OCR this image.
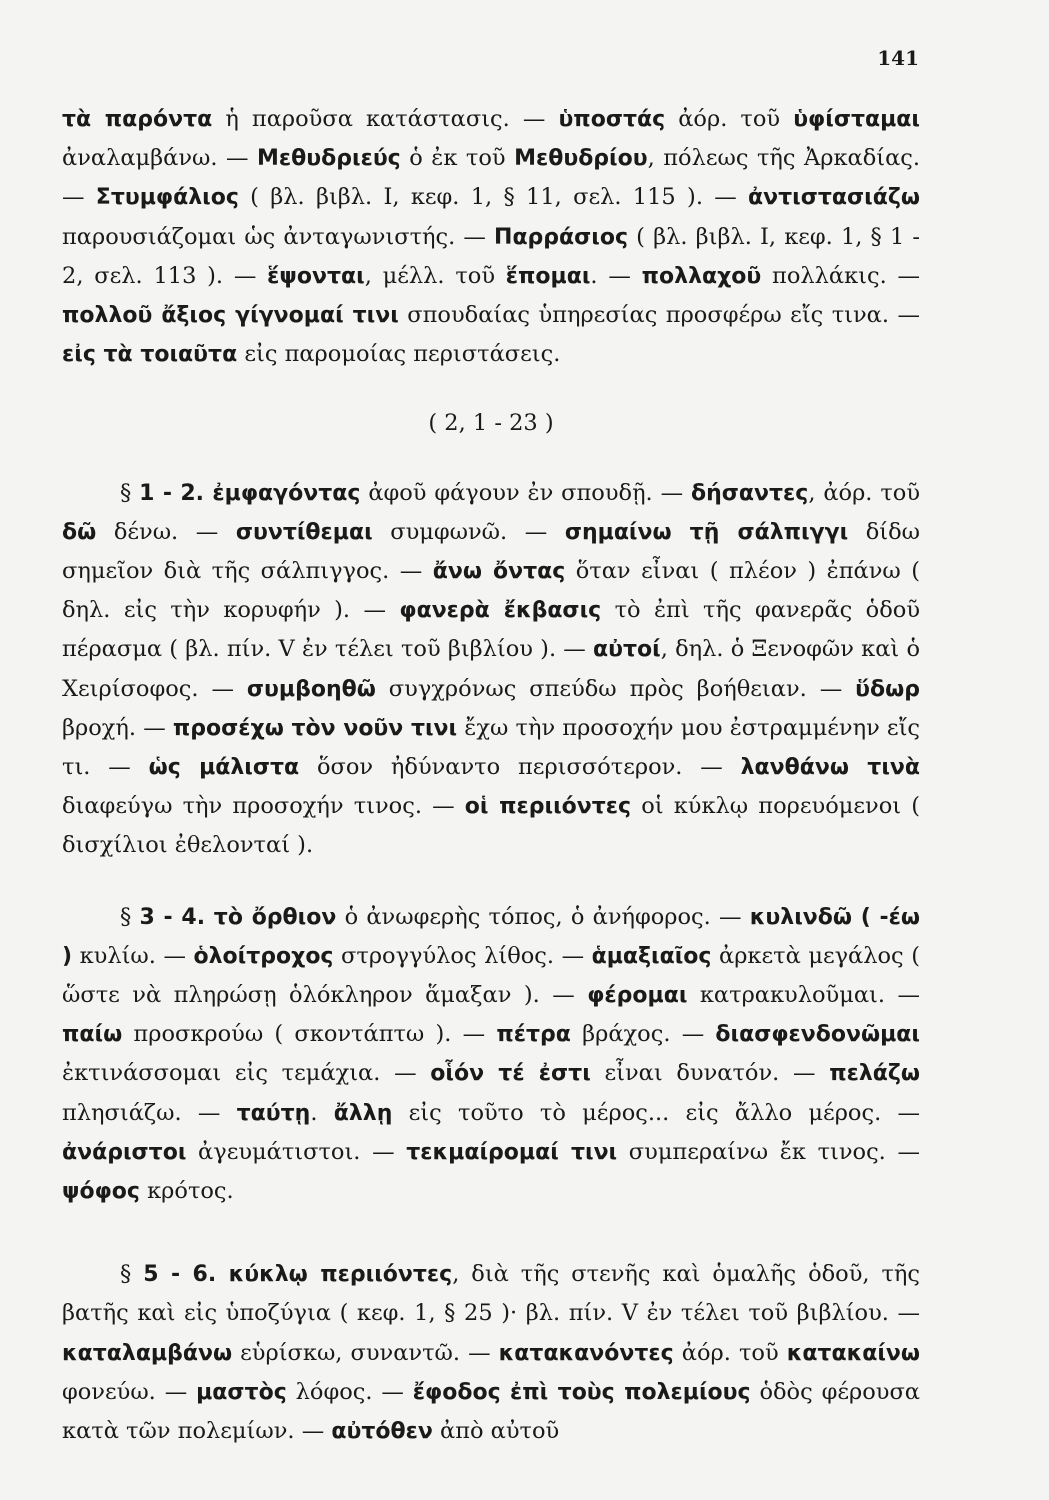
141

τὰ παρόντα ἡ παροῦσα κατάστασις. — ὑποστάς ἀόρ. τοῦ ὑφίσταμαι ἀναλαμβάνω. — Μεθυδριεύς ὁ ἐκ τοῦ Μεθυδρίου, πόλεως τῆς Ἀρκαδίας. — Στυμφάλιος ( βλ. βιβλ. I, κεφ. 1, § 11, σελ. 115 ). — ἀντιστασιάζω παρουσιάζομαι ὡς ἀνταγωνιστής. — Παρράσιος ( βλ. βιβλ. I, κεφ. 1, § 1 - 2, σελ. 113 ). — ἕψονται, μέλλ. τοῦ ἕπομαι. — πολλαχοῦ πολλάκις. — πολλοῦ ἄξιος γίγνομαί τινι σπουδαίας ὑπηρεσίας προσφέρω εἴς τινα. — εἰς τὰ τοιαῦτα εἰς παρομοίας περιστάσεις.

( 2, 1 - 23 )

§ 1 - 2. ἐμφαγόντας ἀφοῦ φάγουν ἐν σπουδῇ. — δήσαντες, ἀόρ. τοῦ δῶ δένω. — συντίθεμαι συμφωνῶ. — σημαίνω τῇ σάλπιγγι δίδω σημεῖον διὰ τῆς σάλπιγγος. — ἄνω ὄντας ὅταν εἶναι ( πλέον ) ἐπάνω ( δηλ. εἰς τὴν κορυφήν ). — φανερὰ ἔκβασις τὸ ἐπὶ τῆς φανερᾶς ὁδοῦ πέρασμα ( βλ. πίν. V ἐν τέλει τοῦ βιβλίου ). — αὐτοί, δηλ. ὁ Ξενοφῶν καὶ ὁ Χειρίσοφος. — συμβοηθῶ συγχρόνως σπεύδω πρὸς βοήθειαν. — ὕδωρ βροχή. — προσέχω τὸν νοῦν τινι ἔχω τὴν προσοχήν μου ἐστραμμένην εἴς τι. — ὡς μάλιστα ὅσον ἠδύναντο περισσότερον. — λανθάνω τινὰ διαφεύγω τὴν προσοχήν τινος. — οἱ περιιόντες οἱ κύκλῳ πορευόμενοι ( δισχίλιοι ἐθελονταί ).

§ 3 - 4. τὸ ὄρθιον ὁ ἀνωφερὴς τόπος, ὁ ἀνήφορος. — κυλινδῶ ( -έω ) κυλίω. — ὁλοίτροχος στρογγύλος λίθος. — ἁμαξιαῖος ἀρκετὰ μεγάλος ( ὥστε νὰ πληρώσῃ ὁλόκληρον ἅμαξαν ). — φέρομαι κατρακυλοῦμαι. — παίω προσκρούω ( σκοντάπτω ). — πέτρα βράχος. — διασφενδονῶμαι ἐκτινάσσομαι εἰς τεμάχια. — οἷόν τέ ἐστι εἶναι δυνατόν. — πελάζω πλησιάζω. — ταύτῃ. ἄλλῃ εἰς τοῦτο τὸ μέρος... εἰς ἄλλο μέρος. — ἀνάριστοι ἀγευμάτιστοι. — τεκμαίρομαί τινι συμπεραίνω ἔκ τινος. — ψόφος κρότος.

§ 5 - 6. κύκλῳ περιιόντες, διὰ τῆς στενῆς καὶ ὁμαλῆς ὁδοῦ, τῆς βατῆς καὶ εἰς ὑποζύγια ( κεφ. 1, § 25 )· βλ. πίν. V ἐν τέλει τοῦ βιβλίου. — καταλαμβάνω εὑρίσκω, συναντῶ. — κατακανόντες ἀόρ. τοῦ κατακαίνω φονεύω. — μαστὸς λόφος. — ἔφοδος ἐπὶ τοὺς πολεμίους ὁδὸς φέρουσα κατὰ τῶν πολεμίων. — αὐτόθεν ἀπὸ αὐτοῦ
